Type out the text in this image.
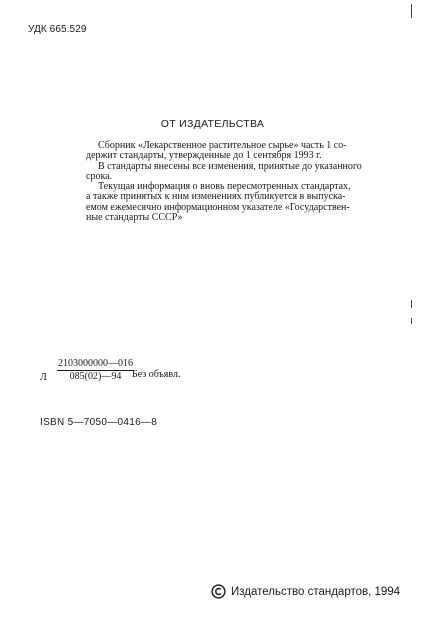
УДК 665.529
ОТ ИЗДАТЕЛЬСТВА
Сборник «Лекарственное растительное сырье» часть 1 со-
держит стандарты, утвержденные до 1 сентября 1993 г.
В стандарты внесены все изменения, принятые до указанного
срока.
Текущая информация о вновь пересмотренных стандартах,
а также принятых к ним изменениях публикуется в выпуска-
емом ежемесячно информационном указателе «Государствен-
ные стандарты СССР»
Л $\frac{2103000000—016}{085(02)—94}$
Без объявл.
ISBN 5—7050—0416—8
Издательство стандартов, 1994
